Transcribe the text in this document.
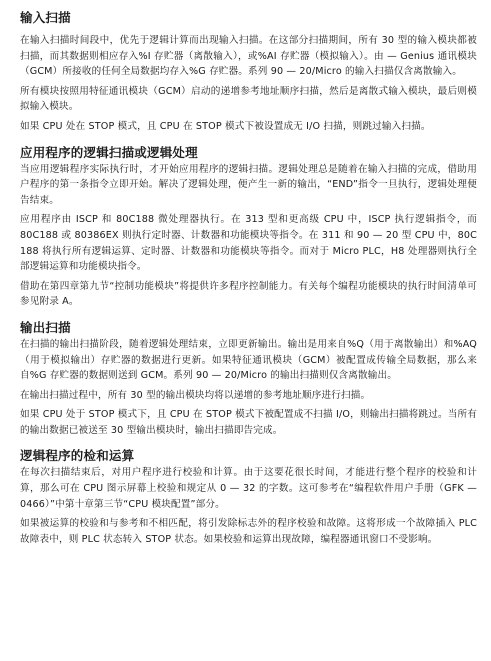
输入扫描

在输入扫描时间段中，优先于逻辑计算而出现输入扫描。在这部分扫描期间，所有 30 型的输入模块都被扫描，而其数据则相应存入%I 存贮器（离散输入），或%AI 存贮器（模拟输入）。由 — Genius 通讯模块（GCM）所接收的任何全局数据均存入%G 存贮器。系列 90 — 20/Micro 的输入扫描仅含离散输入。

所有模块按照用特征通讯模块（GCM）启动的递增参考地址顺序扫描，然后是离散式输入模块，最后则模拟输入模块。

如果 CPU 处在 STOP 模式，且 CPU 在 STOP 模式下被设置成无 I/O 扫描，则跳过输入扫描。

应用程序的逻辑扫描或逻辑处理

当应用逻辑程序实际执行时，才开始应用程序的逻辑扫描。逻辑处理总是随着在输入扫描的完成，借助用户程序的第一条指令立即开始。解决了逻辑处理，便产生一新的输出，“END”指令一旦执行，逻辑处理便告结束。

应用程序由 ISCP 和 80C188 微处理器执行。在 313 型和更高级 CPU 中，ISCP 执行逻辑指令，而 80C188 或 80386EX 则执行定时器、计数器和功能模块等指令。在 311 和 90 — 20 型 CPU 中，80C 188 将执行所有逻辑运算、定时器、计数器和功能模块等指令。而对于 Micro PLC，H8 处理器则执行全部逻辑运算和功能模块指令。

借助在第四章第九节“控制功能模块”将提供许多程序控制能力。有关每个编程功能模块的执行时间清单可参见附录 A。

输出扫描

在扫描的输出扫描阶段，随着逻辑处理结束，立即更新输出。输出是用来自%Q（用于离散输出）和%AQ（用于模拟输出）存贮器的数据进行更新。如果特征通讯模块（GCM）被配置成传输全局数据，那么来自%G 存贮器的数据则送到 GCM。系列 90 — 20/Micro 的输出扫描则仅含离散输出。

在输出扫描过程中，所有 30 型的输出模块均将以递增的参考地址顺序进行扫描。

如果 CPU 处于 STOP 模式下，且 CPU 在 STOP 模式下被配置成不扫描 I/O，则输出扫描将跳过。当所有的输出数据已被送至 30 型输出模块时，输出扫描即告完成。

逻辑程序的检和运算

在每次扫描结束后，对用户程序进行校验和计算。由于这要花很长时间，才能进行整个程序的校验和计算，那么可在 CPU 图示屏幕上校验和规定从 0 — 32 的字数。这可参考在“编程软件用户手册（GFK — 0466）”中第十章第三节“CPU 模块配置”部分。

如果被运算的校验和与参考和不相匹配，将引发除标志外的程序校验和故障。这将形成一个故障插入 PLC 故障表中，则 PLC 状态转入 STOP 状态。如果校验和运算出现故障，编程器通讯窗口不受影响。
